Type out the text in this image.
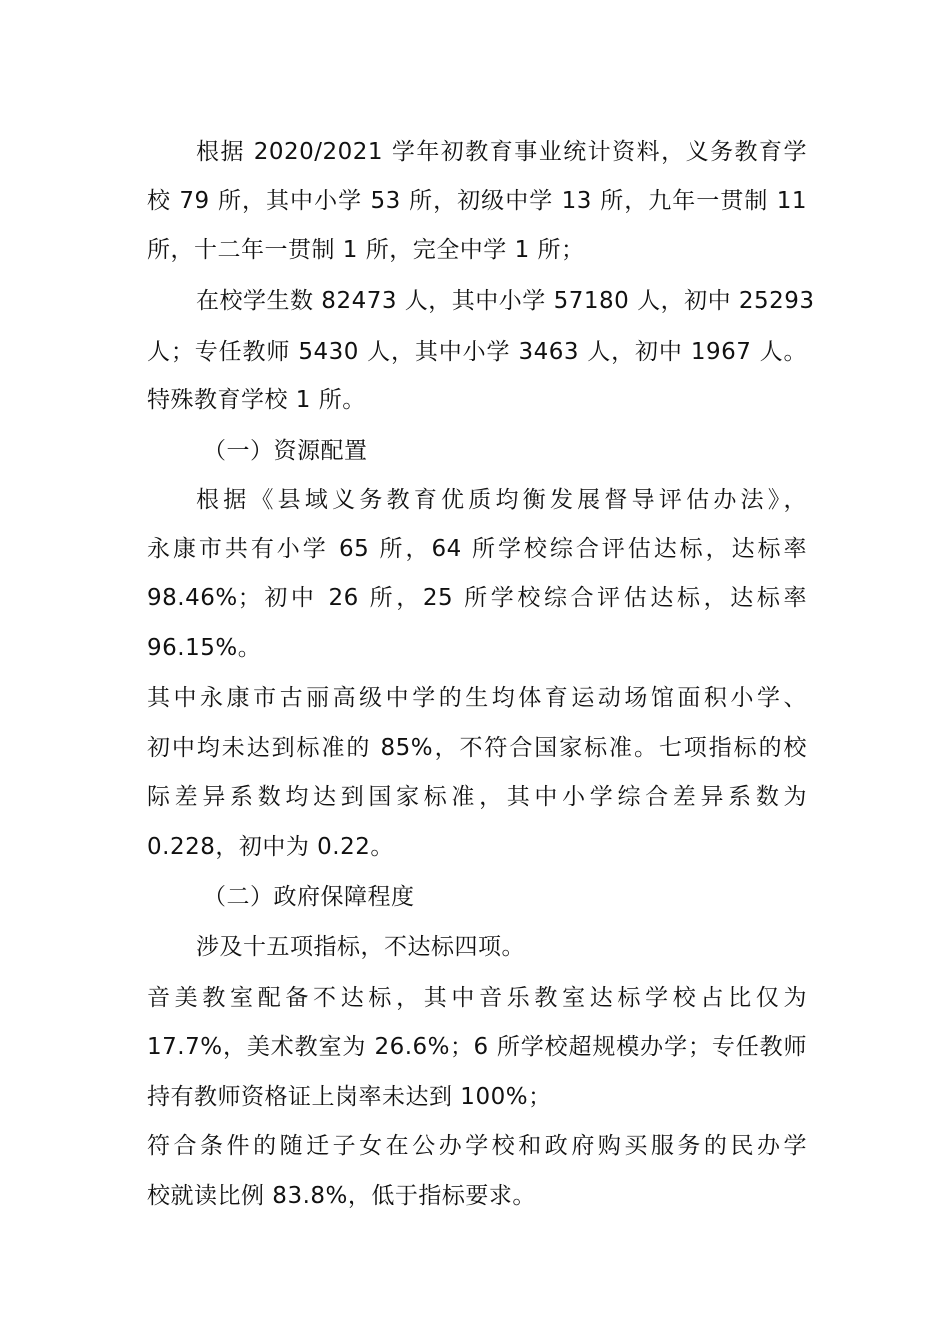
根据 2020/2021 学年初教育事业统计资料，义务教育学
校 79 所，其中小学 53 所，初级中学 13 所，九年一贯制 11
所，十二年一贯制 1 所，完全中学 1 所；
在校学生数 82473 人，其中小学 57180 人，初中 25293
人；专任教师 5430 人，其中小学 3463 人，初中 1967 人。
特殊教育学校 1 所。
（一）资源配置
根据《县域义务教育优质均衡发展督导评估办法》，
永康市共有小学 65 所，64 所学校综合评估达标，达标率
98.46%；初中 26 所，25 所学校综合评估达标，达标率
96.15%。
其中永康市古丽高级中学的生均体育运动场馆面积小学、
初中均未达到标准的 85%，不符合国家标准。七项指标的校
际差异系数均达到国家标准，其中小学综合差异系数为
0.228，初中为 0.22。
（二）政府保障程度
涉及十五项指标，不达标四项。
音美教室配备不达标，其中音乐教室达标学校占比仅为
17.7%，美术教室为 26.6%；6 所学校超规模办学；专任教师
持有教师资格证上岗率未达到 100%；
符合条件的随迁子女在公办学校和政府购买服务的民办学
校就读比例 83.8%，低于指标要求。
